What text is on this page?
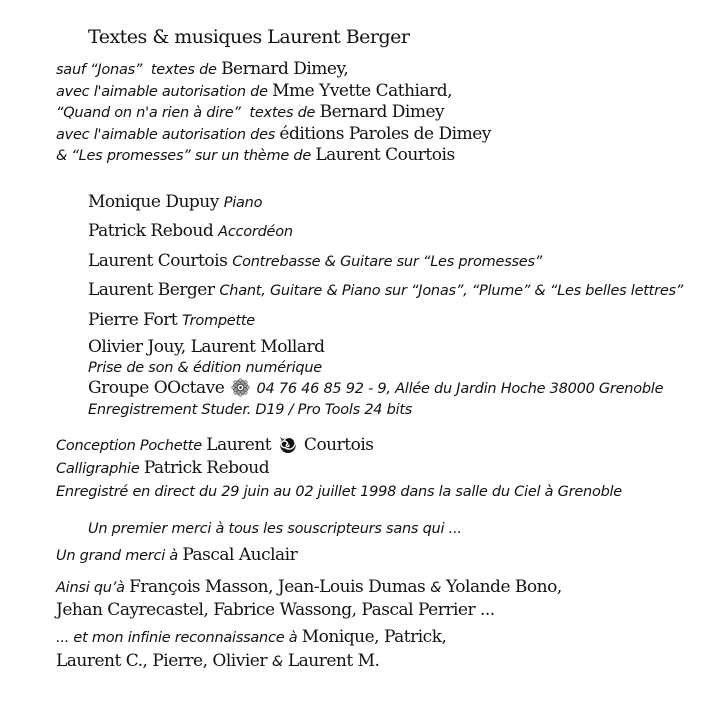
Textes & musiques Laurent Berger
sauf “Jonas”  textes de Bernard Dimey,
avec l'aimable autorisation de Mme Yvette Cathiard,
“Quand on n'a rien à dire”  textes de Bernard Dimey
avec l'aimable autorisation des éditions Paroles de Dimey
& “Les promesses” sur un thème de Laurent Courtois
Monique Dupuy Piano
Patrick Reboud Accordéon
Laurent Courtois Contrebasse & Guitare sur “Les promesses”
Laurent Berger Chant, Guitare & Piano sur “Jonas”, “Plume” & “Les belles lettres”
Pierre Fort Trompette
Olivier Jouy, Laurent Mollard
Prise de son & édition numérique
Groupe OOctave
04 76 46 85 92 - 9, Allée du Jardin Hoche 38000 Grenoble
Enregistrement Studer. D19 / Pro Tools 24 bits
Conception Pochette Laurent
Courtois
Calligraphie Patrick Reboud
Enregistré en direct du 29 juin au 02 juillet 1998 dans la salle du Ciel à Grenoble
Un premier merci à tous les souscripteurs sans qui ...
Un grand merci à Pascal Auclair
Ainsi qu’à François Masson, Jean-Louis Dumas & Yolande Bono,
Jehan Cayrecastel, Fabrice Wassong, Pascal Perrier ...
... et mon infinie reconnaissance à Monique, Patrick,
Laurent C., Pierre, Olivier & Laurent M.
